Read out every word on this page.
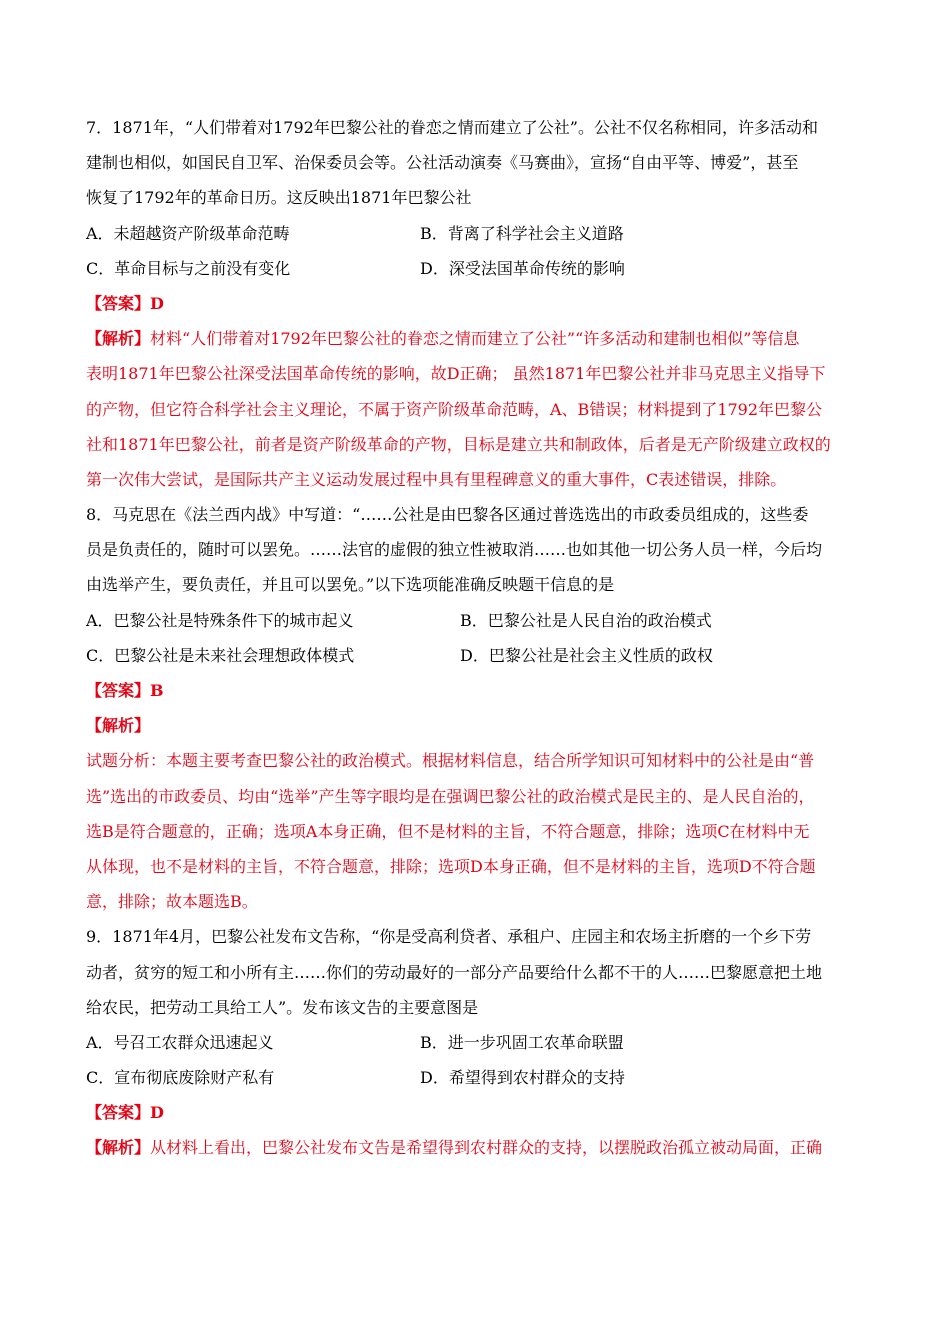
7．1871年，“人们带着对1792年巴黎公社的眷恋之情而建立了公社”。公社不仅名称相同，许多活动和
建制也相似，如国民自卫军、治保委员会等。公社活动演奏《马赛曲》，宣扬“自由平等、博爱”，甚至
恢复了1792年的革命日历。这反映出1871年巴黎公社
A．未超越资产阶级革命范畴	B．背离了科学社会主义道路
C．革命目标与之前没有变化	D．深受法国革命传统的影响
【答案】D
【解析】材料“人们带着对1792年巴黎公社的眷恋之情而建立了公社”“许多活动和建制也相似”等信息
表明1871年巴黎公社深受法国革命传统的影响，故D正确； 虽然1871年巴黎公社并非马克思主义指导下
的产物，但它符合科学社会主义理论，不属于资产阶级革命范畴，A、B错误；材料提到了1792年巴黎公
社和1871年巴黎公社，前者是资产阶级革命的产物，目标是建立共和制政体，后者是无产阶级建立政权的
第一次伟大尝试，是国际共产主义运动发展过程中具有里程碑意义的重大事件，C表述错误，排除。
8．马克思在《法兰西内战》中写道：“……公社是由巴黎各区通过普选选出的市政委员组成的，这些委
员是负责任的，随时可以罢免。……法官的虚假的独立性被取消……也如其他一切公务人员一样，今后均
由选举产生，要负责任，并且可以罢免。”以下选项能准确反映题干信息的是
A．巴黎公社是特殊条件下的城市起义	B．巴黎公社是人民自治的政治模式
C．巴黎公社是未来社会理想政体模式	D．巴黎公社是社会主义性质的政权
【答案】B
【解析】
试题分析：本题主要考查巴黎公社的政治模式。根据材料信息，结合所学知识可知材料中的公社是由“普
选”选出的市政委员、均由“选举”产生等字眼均是在强调巴黎公社的政治模式是民主的、是人民自治的，
选B是符合题意的，正确；选项A本身正确，但不是材料的主旨，不符合题意，排除；选项C在材料中无
从体现，也不是材料的主旨，不符合题意，排除；选项D本身正确，但不是材料的主旨，选项D不符合题
意，排除；故本题选B。
9．1871年4月，巴黎公社发布文告称，“你是受高利贷者、承租户、庄园主和农场主折磨的一个乡下劳
动者，贫穷的短工和小所有主……你们的劳动最好的一部分产品要给什么都不干的人……巴黎愿意把土地
给农民，把劳动工具给工人”。发布该文告的主要意图是
A．号召工农群众迅速起义	B．进一步巩固工农革命联盟
C．宣布彻底废除财产私有	D．希望得到农村群众的支持
【答案】D
【解析】从材料上看出，巴黎公社发布文告是希望得到农村群众的支持，以摆脱政治孤立被动局面，正确
